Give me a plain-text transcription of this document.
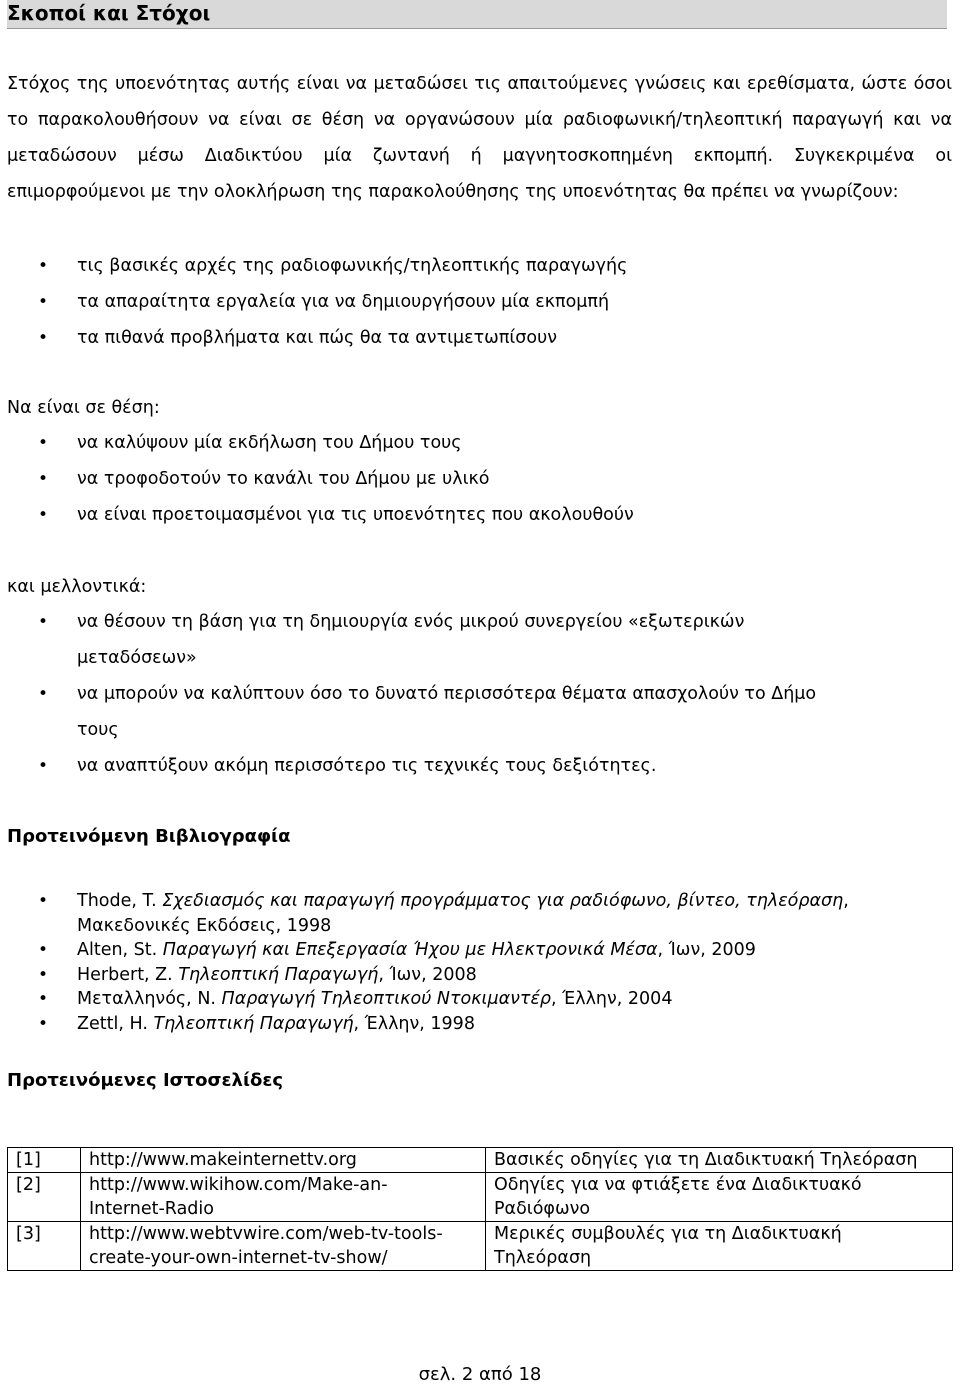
Σκοποί και Στόχοι
Στόχος της υποενότητας αυτής είναι να μεταδώσει τις απαιτούμενες γνώσεις και ερεθίσματα, ώστε όσοι το παρακολουθήσουν να είναι σε θέση να οργανώσουν μία ραδιοφωνική/τηλεοπτική παραγωγή και να μεταδώσουν μέσω Διαδικτύου μία ζωντανή ή μαγνητοσκοπημένη εκπομπή. Συγκεκριμένα οι επιμορφούμενοι με την ολοκλήρωση της παρακολούθησης της υποενότητας θα πρέπει να γνωρίζουν:
• τις βασικές αρχές της ραδιοφωνικής/τηλεοπτικής παραγωγής
• τα απαραίτητα εργαλεία για να δημιουργήσουν μία εκπομπή
• τα πιθανά προβλήματα και πώς θα τα αντιμετωπίσουν
Να είναι σε θέση:
• να καλύψουν μία εκδήλωση του Δήμου τους
• να τροφοδοτούν το κανάλι του Δήμου με υλικό
• να είναι προετοιμασμένοι για τις υποενότητες που ακολουθούν
και μελλοντικά:
• να θέσουν τη βάση για τη δημιουργία ενός μικρού συνεργείου «εξωτερικών μεταδόσεων»
• να μπορούν να καλύπτουν όσο το δυνατό περισσότερα θέματα απασχολούν το Δήμο τους
• να αναπτύξουν ακόμη περισσότερο τις τεχνικές τους δεξιότητες.
Προτεινόμενη Βιβλιογραφία
• Thode, T. Σχεδιασμός και παραγωγή προγράμματος για ραδιόφωνο, βίντεο, τηλεόραση, Μακεδονικές Εκδόσεις, 1998
• Alten, St. Παραγωγή και Επεξεργασία Ήχου με Ηλεκτρονικά Μέσα, Ίων, 2009
• Herbert, Z. Τηλεοπτική Παραγωγή, Ίων, 2008
• Μεταλληνός, Ν. Παραγωγή Τηλεοπτικού Ντοκιμαντέρ, Έλλην, 2004
• Zettl, H. Τηλεοπτική Παραγωγή, Έλλην, 1998
Προτεινόμενες Ιστοσελίδες
[1]	http://www.makeinternettv.org	Βασικές οδηγίες για τη Διαδικτυακή Τηλεόραση
[2]	http://www.wikihow.com/Make-an-Internet-Radio	Οδηγίες για να φτιάξετε ένα Διαδικτυακό Ραδιόφωνο
[3]	http://www.webtvwire.com/web-tv-tools-create-your-own-internet-tv-show/	Μερικές συμβουλές για τη Διαδικτυακή Τηλεόραση
σελ. 2 από 18
